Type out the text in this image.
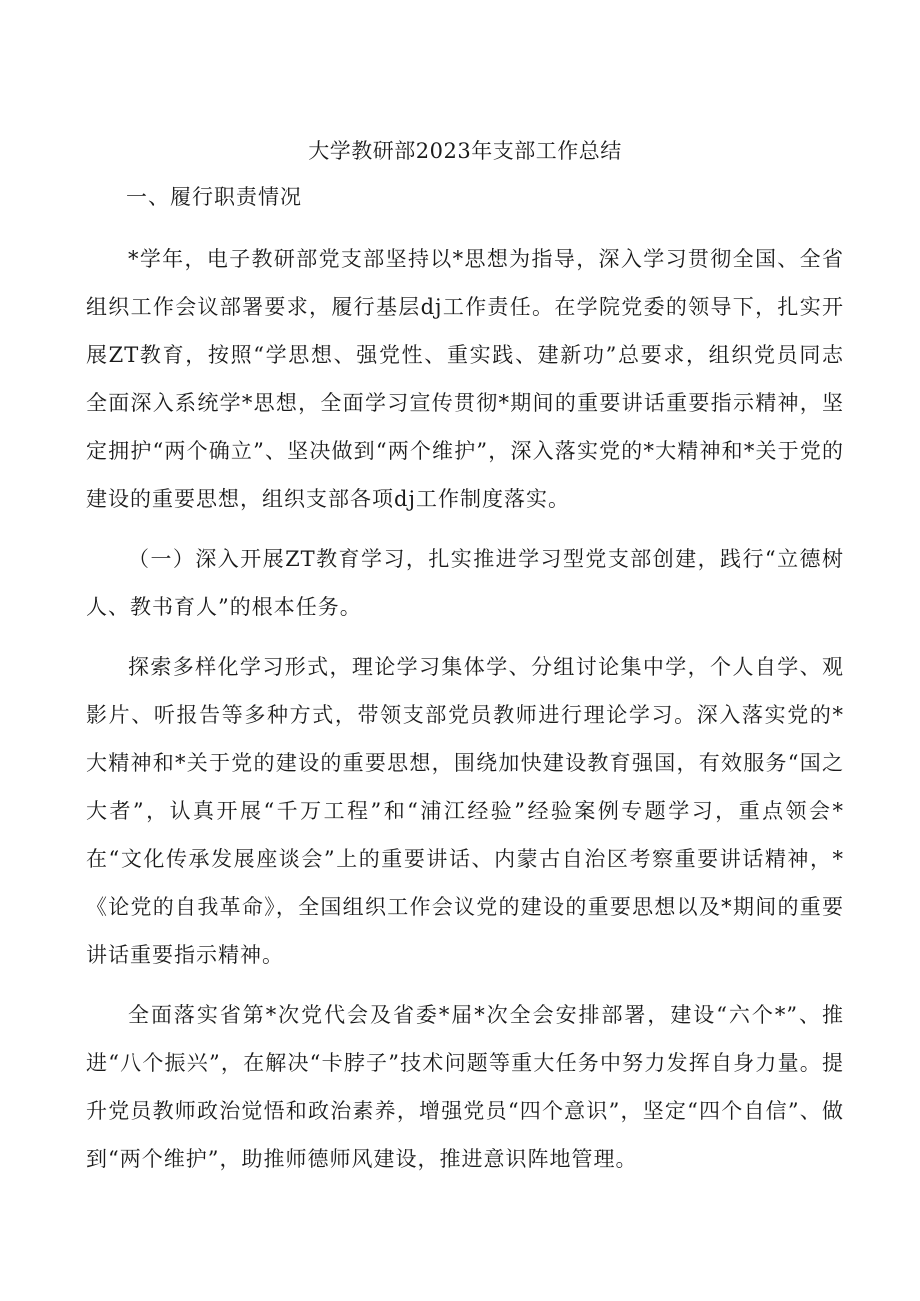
大学教研部2023年支部工作总结
一、履行职责情况

*学年，电子教研部党支部坚持以*思想为指导，深入学习贯彻全国、全省组织工作会议部署要求，履行基层dj工作责任。在学院党委的领导下，扎实开展ZT教育，按照“学思想、强党性、重实践、建新功”总要求，组织党员同志全面深入系统学*思想，全面学习宣传贯彻*期间的重要讲话重要指示精神，坚定拥护“两个确立”、坚决做到“两个维护”，深入落实党的*大精神和*关于党的建设的重要思想，组织支部各项dj工作制度落实。

（一）深入开展ZT教育学习，扎实推进学习型党支部创建，践行“立德树人、教书育人”的根本任务。

探索多样化学习形式，理论学习集体学、分组讨论集中学，个人自学、观影片、听报告等多种方式，带领支部党员教师进行理论学习。深入落实党的*大精神和*关于党的建设的重要思想，围绕加快建设教育强国，有效服务“国之大者”，认真开展“千万工程”和“浦江经验”经验案例专题学习，重点领会*在“文化传承发展座谈会”上的重要讲话、内蒙古自治区考察重要讲话精神，*《论党的自我革命》，全国组织工作会议党的建设的重要思想以及*期间的重要讲话重要指示精神。

全面落实省第*次党代会及省委*届*次全会安排部署，建设“六个*”、推进“八个振兴”，在解决“卡脖子”技术问题等重大任务中努力发挥自身力量。提升党员教师政治觉悟和政治素养，增强党员“四个意识”，坚定“四个自信”、做到“两个维护”，助推师德师风建设，推进意识阵地管理。
